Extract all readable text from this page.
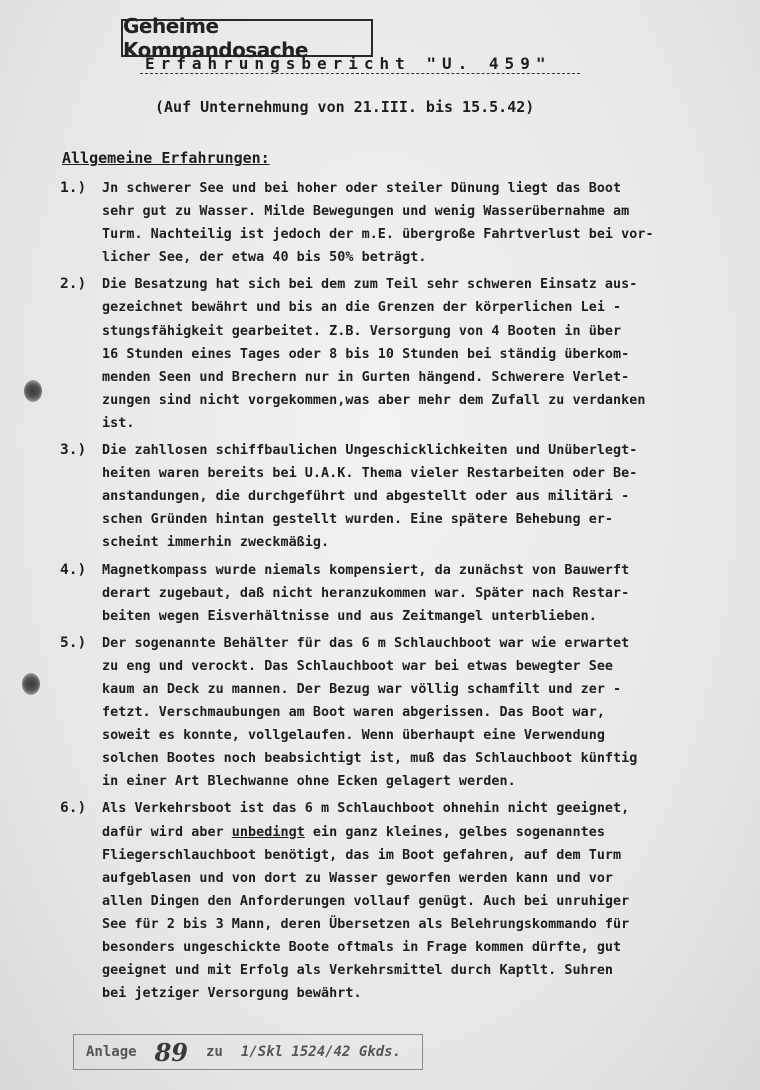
Geheime Kommandosache
Erfahrungsbericht "U. 459"
(Auf Unternehmung von 21.III. bis 15.5.42)
Allgemeine Erfahrungen:
1.)	Jn schwerer See und bei hoher oder steiler Dünung liegt das Boot
sehr gut zu Wasser. Milde Bewegungen und wenig Wasserübernahme am
Turm. Nachteilig ist jedoch der m.E. übergroße Fahrtverlust bei vor-
licher See, der etwa 40 bis 50% beträgt.
2.)	Die Besatzung hat sich bei dem zum Teil sehr schweren Einsatz aus-
gezeichnet bewährt und bis an die Grenzen der körperlichen Lei -
stungsfähigkeit gearbeitet. Z.B. Versorgung von 4 Booten in über
16 Stunden eines Tages oder 8 bis 10 Stunden bei ständig überkom-
menden Seen und Brechern nur in Gurten hängend. Schwerere Verlet-
zungen sind nicht vorgekommen,was aber mehr dem Zufall zu verdanken
ist.
3.)	Die zahllosen schiffbaulichen Ungeschicklichkeiten und Unüberlegt-
heiten waren bereits bei U.A.K. Thema vieler Restarbeiten oder Be-
anstandungen, die durchgeführt und abgestellt oder aus militäri -
schen Gründen hintan gestellt wurden. Eine spätere Behebung er-
scheint immerhin zweckmäßig.
4.)	Magnetkompass wurde niemals kompensiert, da zunächst von Bauwerft
derart zugebaut, daß nicht heranzukommen war. Später nach Restar-
beiten wegen Eisverhältnisse und aus Zeitmangel unterblieben.
5.)	Der sogenannte Behälter für das 6 m Schlauchboot war wie erwartet
zu eng und verockt. Das Schlauchboot war bei etwas bewegter See
kaum an Deck zu mannen. Der Bezug war völlig schamfilt und zer -
fetzt. Verschmaubungen am Boot waren abgerissen. Das Boot war,
soweit es konnte, vollgelaufen. Wenn überhaupt eine Verwendung
solchen Bootes noch beabsichtigt ist, muß das Schlauchboot künftig
in einer Art Blechwanne ohne Ecken gelagert werden.
6.)	Als Verkehrsboot ist das 6 m Schlauchboot ohnehin nicht geeignet,
dafür wird aber unbedingt ein ganz kleines, gelbes sogenanntes
Fliegerschlauchboot benötigt, das im Boot gefahren, auf dem Turm
aufgeblasen und von dort zu Wasser geworfen werden kann und vor
allen Dingen den Anforderungen vollauf genügt. Auch bei unruhiger
See für 2 bis 3 Mann, deren Übersetzen als Belehrungskommando für
besonders ungeschickte Boote oftmals in Frage kommen dürfte, gut
geeignet und mit Erfolg als Verkehrsmittel durch Kaptlt. Suhren
bei jetziger Versorgung bewährt.
Anlage 89 zu 1/Skl 1524/42 Gkds.
